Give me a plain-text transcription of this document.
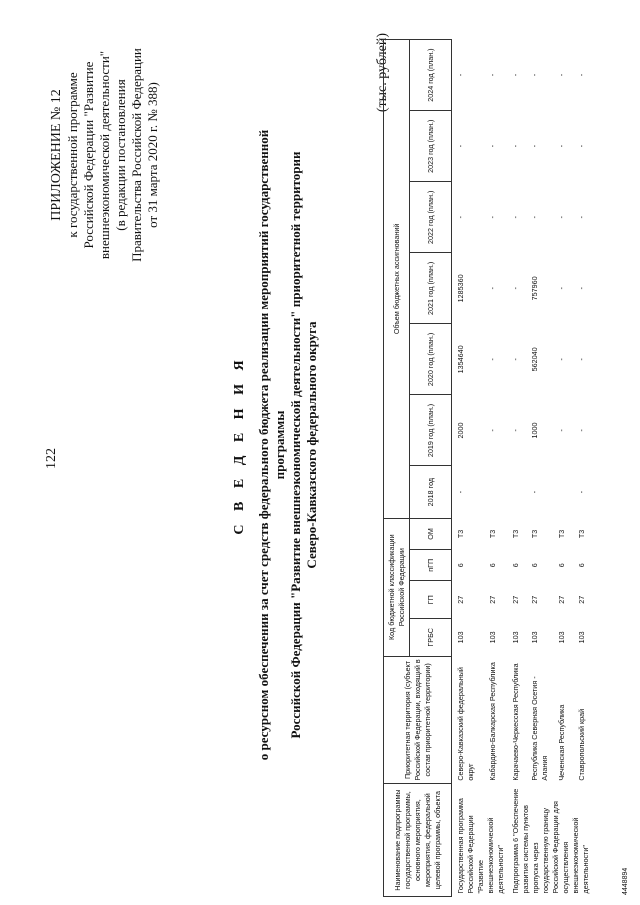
122
ПРИЛОЖЕНИЕ № 12 к государственной программе Российской Федерации "Развитие внешнеэкономической деятельности" (в редакции постановления Правительства Российской Федерации от 31 марта 2020 г. № 388)
С В Е Д Е Н И Я о ресурсном обеспечении за счет средств федерального бюджета реализации мероприятий государственной программы Российской Федерации "Развитие внешнеэкономической деятельности" приоритетной территории Северо-Кавказского федерального округа
(тыс. рублей)
Наименование подпрограммы государственной программы, основного мероприятия, мероприятия, федеральной целевой программы, объекта	Приоритетная территория (субъект Российской Федерации, входящий в состав приоритетной территории)	Код бюджетной классификации Российской Федерации				Объем бюджетных ассигнований						
		ГРБС	ГП	пГП	ОМ	2018 год	2019 год (план.)	2020 год (план.)	2021 год (план.)	2022 год (план.)	2023 год (план.)	2024 год (план.)
Государственная программа Российской Федерации "Развитие внешнеэкономической деятельности"	Северо-Кавказский федеральный округ	103	27	6	Т3	-	2000	1354640	1285360	-	-	-
	Кабардино-Балкарская Республика	103	27	6	Т3		-	-	-	-	-	-
Подпрограмма 6 "Обеспечение развития системы пунктов пропуска через государственную границу Российской Федерации для осуществления внешнеэкономической деятельности"	Карачаево-Черкесская Республика	103	27	6	Т3		-	-	-	-	-	-
	Республика Северная Осетия - Алания	103	27	6	Т3	-	1000	562040	757960	-	-	-
	Чеченская Республика	103	27	6	Т3		-	-	-	-	-	-
	Ставропольский край	103	27	6	Т3	-	-	-	-	-	-	-
4448894
